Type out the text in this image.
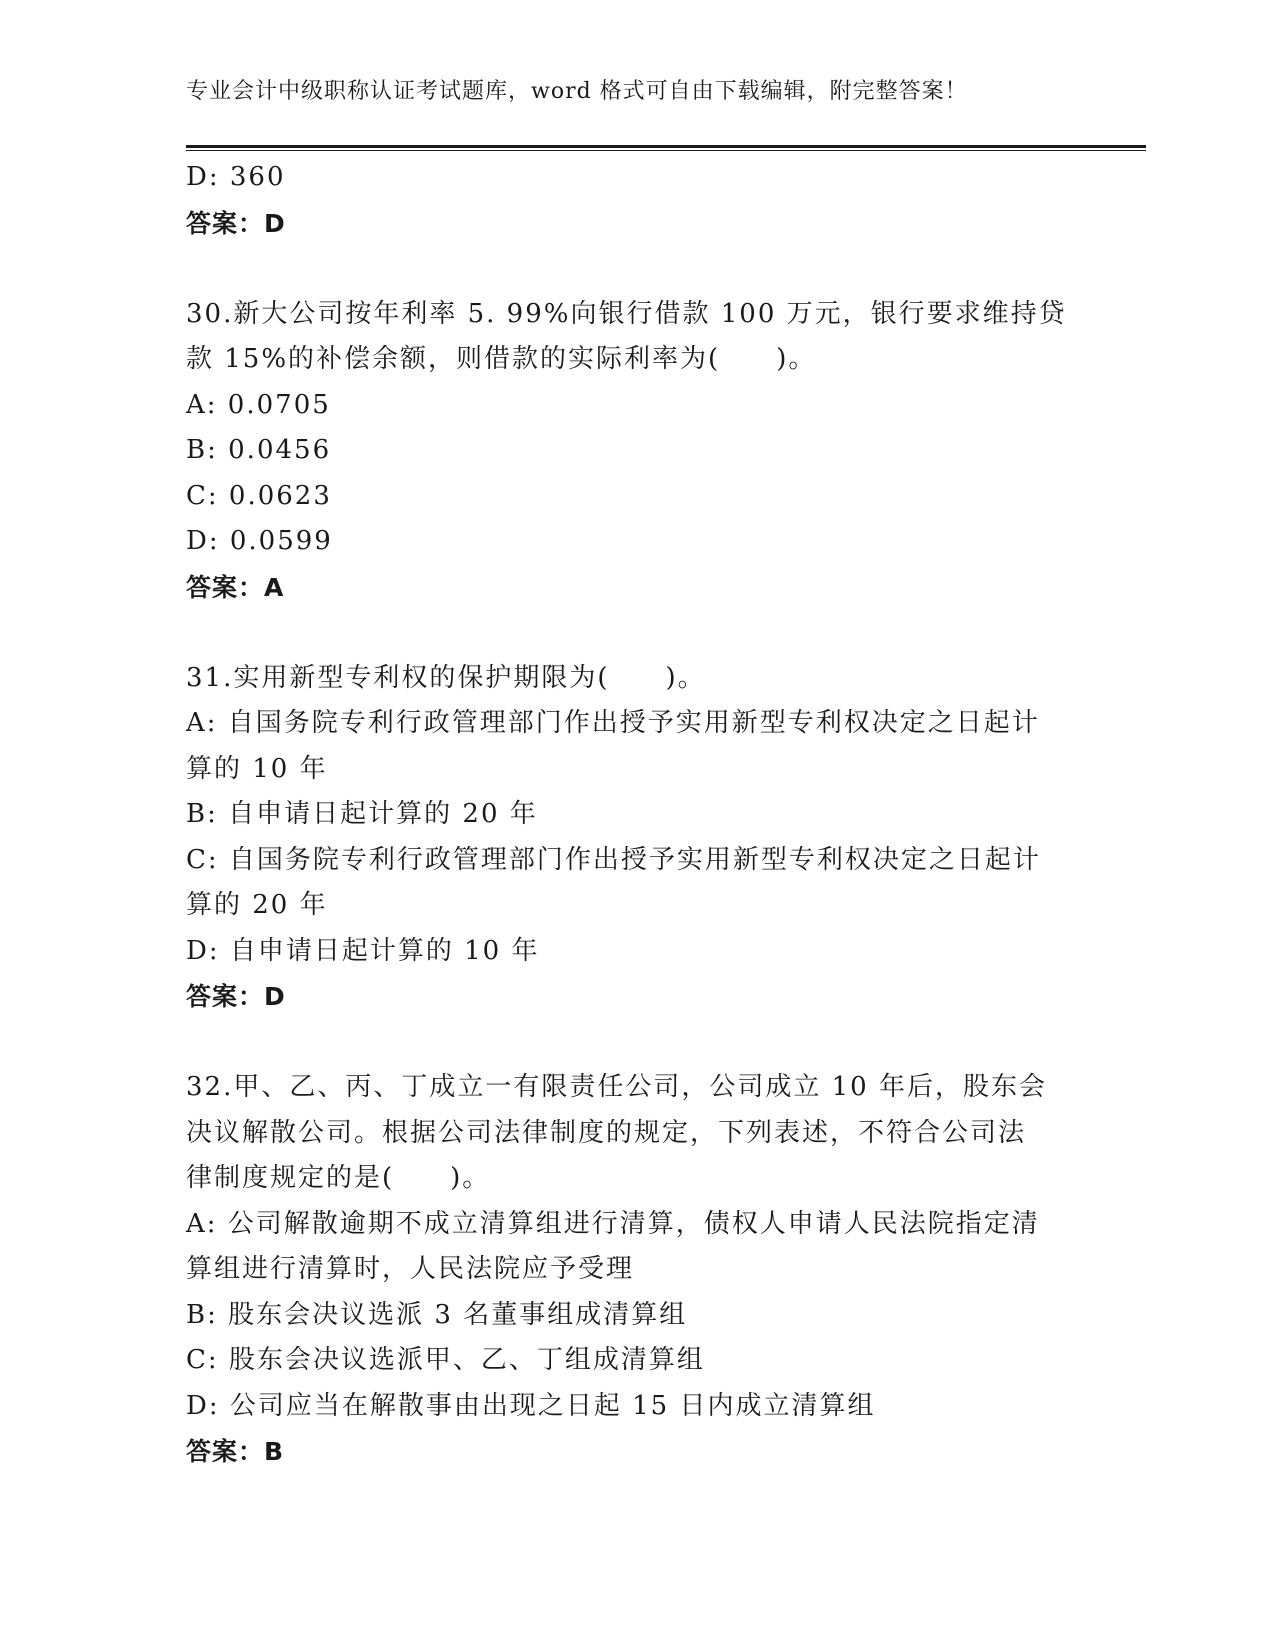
专业会计中级职称认证考试题库，word 格式可自由下载编辑，附完整答案！

D: 360

答案：D

30.新大公司按年利率 5. 99%向银行借款 100 万元，银行要求维持贷

款 15%的补偿余额，则借款的实际利率为(　　)。

A: 0.0705

B: 0.0456

C: 0.0623

D: 0.0599

答案：A

31.实用新型专利权的保护期限为(　　)。

A: 自国务院专利行政管理部门作出授予实用新型专利权决定之日起计

算的 10 年

B: 自申请日起计算的 20 年

C: 自国务院专利行政管理部门作出授予实用新型专利权决定之日起计

算的 20 年

D: 自申请日起计算的 10 年

答案：D

32.甲、乙、丙、丁成立一有限责任公司，公司成立 10 年后，股东会

决议解散公司。根据公司法律制度的规定，下列表述，不符合公司法

律制度规定的是(　　)。

A: 公司解散逾期不成立清算组进行清算，债权人申请人民法院指定清

算组进行清算时，人民法院应予受理

B: 股东会决议选派 3 名董事组成清算组

C: 股东会决议选派甲、乙、丁组成清算组

D: 公司应当在解散事由出现之日起 15 日内成立清算组

答案：B
